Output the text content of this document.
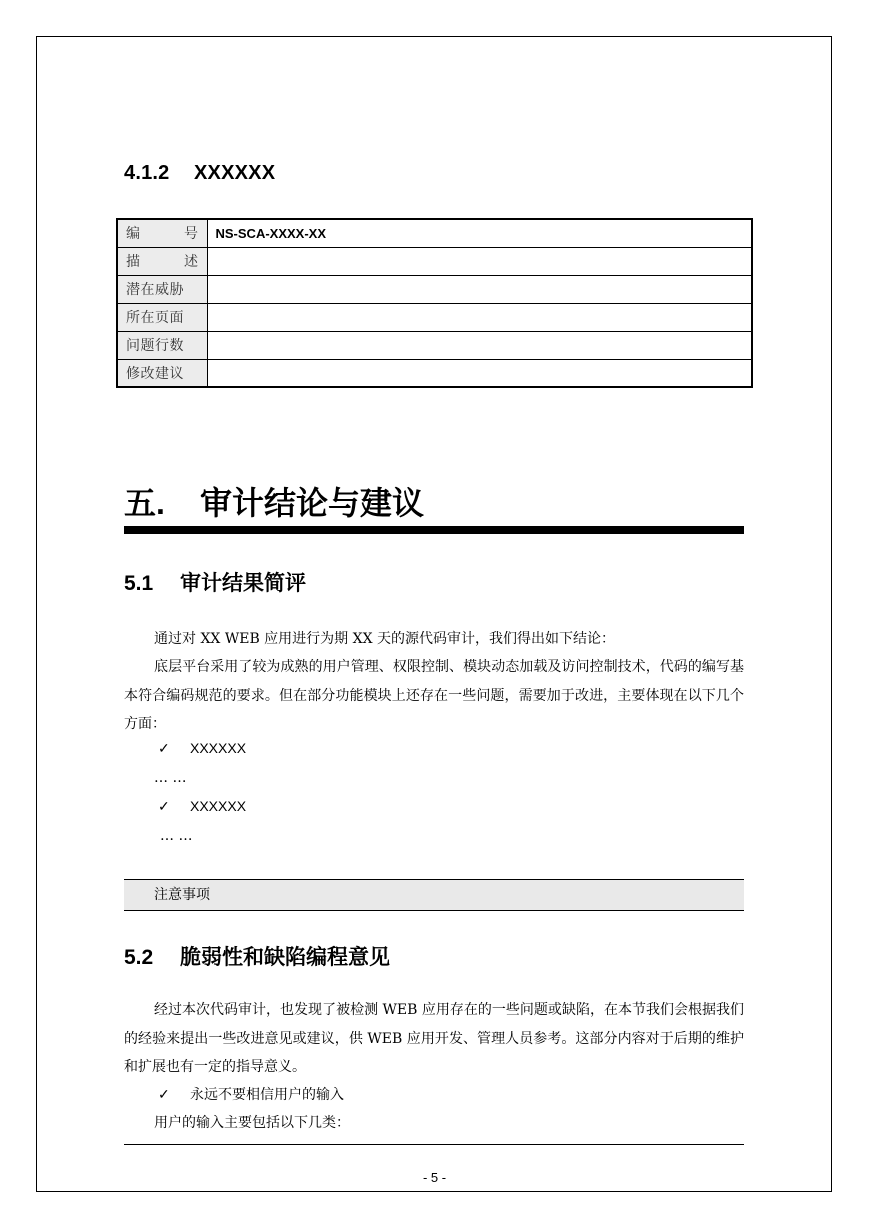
4.1.2 XXXXXX
编　　号	NS-SCA-XXXX-XX
描　　述	
潜在威胁	
所在页面	
问题行数	
修改建议	
五. 审计结论与建议
5.1 审计结果简评
通过对 XX WEB 应用进行为期 XX 天的源代码审计，我们得出如下结论：
底层平台采用了较为成熟的用户管理、权限控制、模块动态加载及访问控制技术，代码的编写基本符合编码规范的要求。但在部分功能模块上还存在一些问题，需要加于改进，主要体现在以下几个方面：
✓ XXXXXX
… …
✓ XXXXXX
… …
注意事项
5.2 脆弱性和缺陷编程意见
经过本次代码审计，也发现了被检测 WEB 应用存在的一些问题或缺陷，在本节我们会根据我们的经验来提出一些改进意见或建议，供 WEB 应用开发、管理人员参考。这部分内容对于后期的维护和扩展也有一定的指导意义。
✓ 永远不要相信用户的输入
用户的输入主要包括以下几类：
- 5 -
